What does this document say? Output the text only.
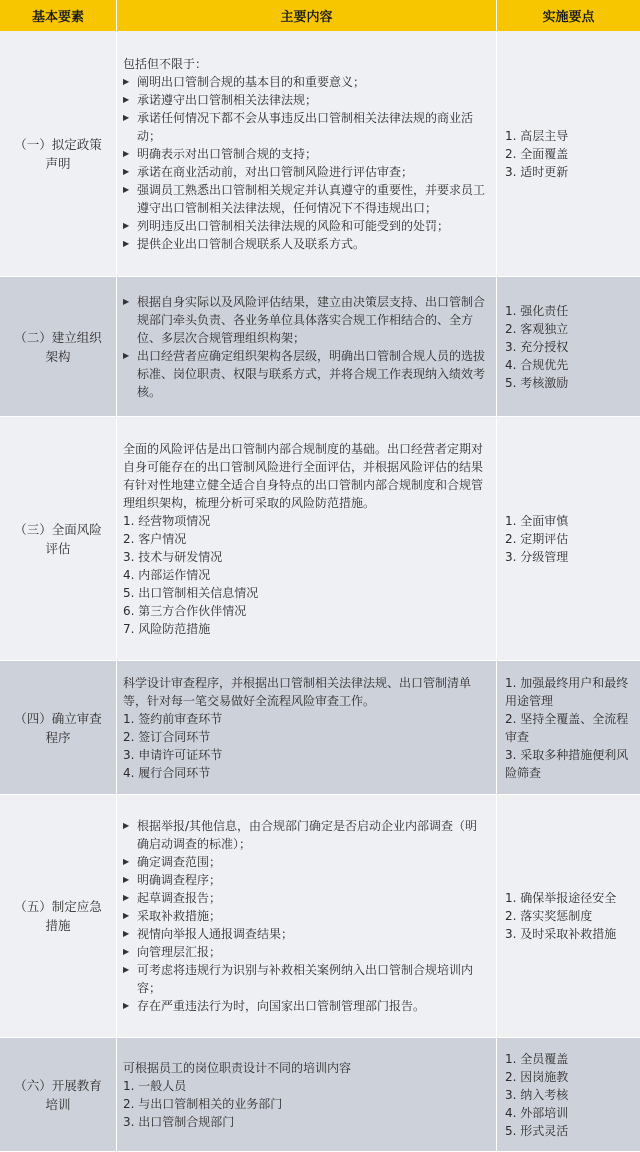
基本要素	主要内容	实施要点
（一）拟定政策声明

包括但不限于：

▶ 阐明出口管制合规的基本目的和重要意义；
▶ 承诺遵守出口管制相关法律法规；
▶ 承诺任何情况下都不会从事违反出口管制相关法律法规的商业活动；
▶ 明确表示对出口管制合规的支持；
▶ 承诺在商业活动前，对出口管制风险进行评估审查；
▶ 强调员工熟悉出口管制相关规定并认真遵守的重要性，并要求员工遵守出口管制相关法律法规，任何情况下不得违规出口；
▶ 列明违反出口管制相关法律法规的风险和可能受到的处罚；
▶ 提供企业出口管制合规联系人及联系方式。

1. 高层主导

2. 全面覆盖

3. 适时更新

（二）建立组织架构
▶ 根据自身实际以及风险评估结果，建立由决策层支持、出口管制合规部门牵头负责、各业务单位具体落实合规工作相结合的、全方位、多层次合规管理组织构架；
▶ 出口经营者应确定组织架构各层级，明确出口管制合规人员的选拔标准、岗位职责、权限与联系方式，并将合规工作表现纳入绩效考核。

1. 强化责任

2. 客观独立

3. 充分授权

4. 合规优先

5. 考核激励

（三）全面风险评估

全面的风险评估是出口管制内部合规制度的基础。出口经营者定期对自身可能存在的出口管制风险进行全面评估，并根据风险评估的结果有针对性地建立健全适合自身特点的出口管制内部合规制度和合规管理组织架构，梳理分析可采取的风险防范措施。

1. 经营物项情况

2. 客户情况

3. 技术与研发情况

4. 内部运作情况

5. 出口管制相关信息情况

6. 第三方合作伙伴情况

7. 风险防范措施

1. 全面审慎

2. 定期评估

3. 分级管理

（四）确立审查程序

科学设计审查程序，并根据出口管制相关法律法规、出口管制清单等，针对每一笔交易做好全流程风险审查工作。

1. 签约前审查环节

2. 签订合同环节

3. 申请许可证环节

4. 履行合同环节

1. 加强最终用户和最终用途管理

2. 坚持全覆盖、全流程审查

3. 采取多种措施便利风险筛查

（五）制定应急措施
▶ 根据举报/其他信息，由合规部门确定是否启动企业内部调查（明确启动调查的标准）；
▶ 确定调查范围；
▶ 明确调查程序；
▶ 起草调查报告；
▶ 采取补救措施；
▶ 视情向举报人通报调查结果；
▶ 向管理层汇报；
▶ 可考虑将违规行为识别与补救相关案例纳入出口管制合规培训内容；
▶ 存在严重违法行为时，向国家出口管制管理部门报告。

1. 确保举报途径安全

2. 落实奖惩制度

3. 及时采取补救措施

（六）开展教育培训

可根据员工的岗位职责设计不同的培训内容

1. 一般人员

2. 与出口管制相关的业务部门

3. 出口管制合规部门

1. 全员覆盖

2. 因岗施教

3. 纳入考核

4. 外部培训

5. 形式灵活
